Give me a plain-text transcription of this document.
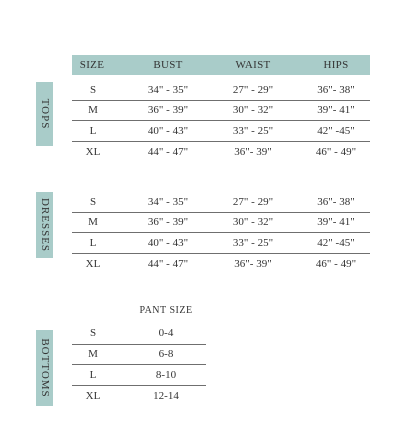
SIZE	BUST	WAIST	HIPS
TOPS
DRESSES
BOTTOMS
S	34" - 35"	27" - 29"	36"- 38"
M	36" - 39"	30" - 32"	39"- 41"
L	40" - 43"	33" - 25"	42" -45"
XL	44" - 47"	36"- 39"	46" - 49"
S	34" - 35"	27" - 29"	36"- 38"
M	36" - 39"	30" - 32"	39"- 41"
L	40" - 43"	33" - 25"	42" -45"
XL	44" - 47"	36"- 39"	46" - 49"
PANT SIZE
S	0-4
M	6-8
L	8-10
XL	12-14
